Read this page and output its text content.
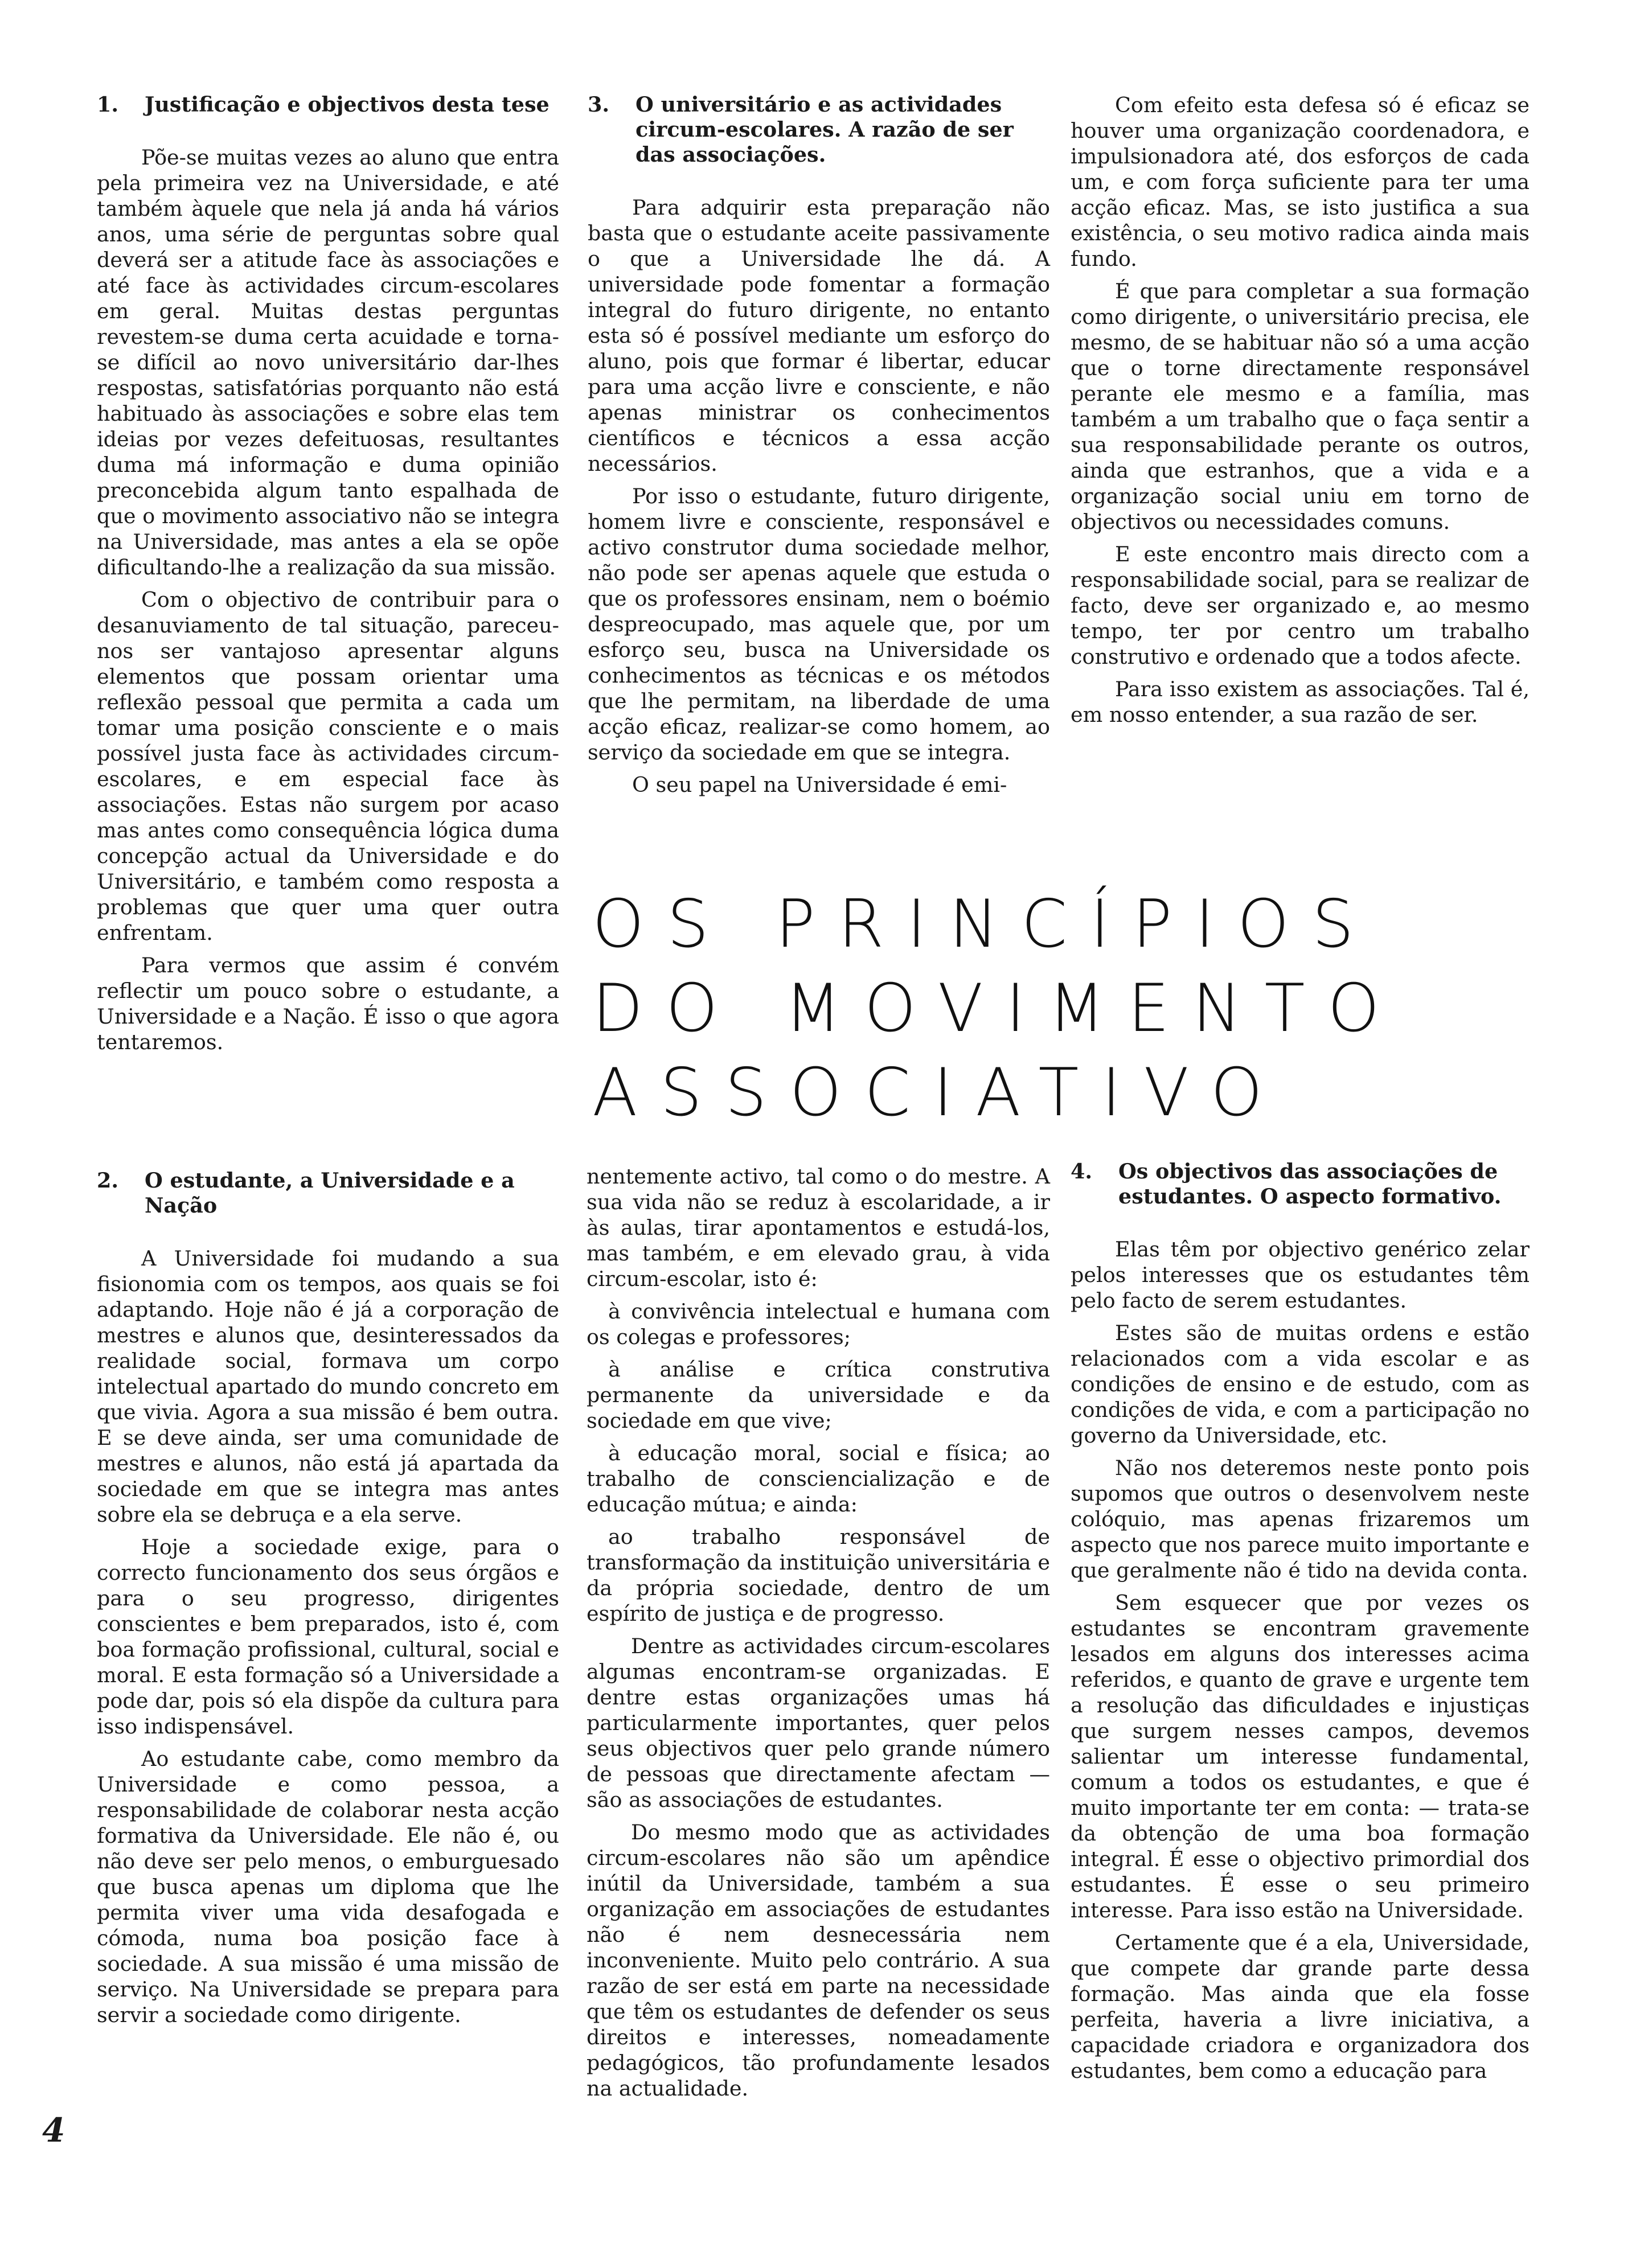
1.	Justificação e objectivos desta tese

Põe-se muitas vezes ao aluno que entra pela primeira vez na Universidade, e até também àquele que nela já anda há vários anos, uma série de perguntas sobre qual deverá ser a atitude face às associações e até face às actividades circum-escolares em geral. Muitas destas perguntas revestem-se duma certa acuidade e torna-se difícil ao novo universitário dar-lhes respostas, satisfatórias porquanto não está habituado às associações e sobre elas tem ideias por vezes defeituosas, resultantes duma má informação e duma opinião preconcebida algum tanto espalhada de que o movimento associativo não se integra na Universidade, mas antes a ela se opõe dificultando-lhe a realização da sua missão.

Com o objectivo de contribuir para o desanuviamento de tal situação, pareceu-nos ser vantajoso apresentar alguns elementos que possam orientar uma reflexão pessoal que permita a cada um tomar uma posição consciente e o mais possível justa face às actividades circum-escolares, e em especial face às associações. Estas não surgem por acaso mas antes como consequência lógica duma concepção actual da Universidade e do Universitário, e também como resposta a problemas que quer uma quer outra enfrentam.

Para vermos que assim é convém reflectir um pouco sobre o estudante, a Universidade e a Nação. É isso o que agora tentaremos.

3.	O universitário e as actividades circum-escolares. A razão de ser das associações.

Para adquirir esta preparação não basta que o estudante aceite passivamente o que a Universidade lhe dá. A universidade pode fomentar a formação integral do futuro dirigente, no entanto esta só é possível mediante um esforço do aluno, pois que formar é libertar, educar para uma acção livre e consciente, e não apenas ministrar os conhecimentos científicos e técnicos a essa acção necessários.

Por isso o estudante, futuro dirigente, homem livre e consciente, responsável e activo construtor duma sociedade melhor, não pode ser apenas aquele que estuda o que os professores ensinam, nem o boémio despreocupado, mas aquele que, por um esforço seu, busca na Universidade os conhecimentos as técnicas e os métodos que lhe permitam, na liberdade de uma acção eficaz, realizar-se como homem, ao serviço da sociedade em que se integra.

O seu papel na Universidade é emi-

Com efeito esta defesa só é eficaz se houver uma organização coordenadora, e impulsionadora até, dos esforços de cada um, e com força suficiente para ter uma acção eficaz. Mas, se isto justifica a sua existência, o seu motivo radica ainda mais fundo.

É que para completar a sua formação como dirigente, o universitário precisa, ele mesmo, de se habituar não só a uma acção que o torne directamente responsável perante ele mesmo e a família, mas também a um trabalho que o faça sentir a sua responsabilidade perante os outros, ainda que estranhos, que a vida e a organização social uniu em torno de objectivos ou necessidades comuns.

E este encontro mais directo com a responsabilidade social, para se realizar de facto, deve ser organizado e, ao mesmo tempo, ter por centro um trabalho construtivo e ordenado que a todos afecte.

Para isso existem as associações. Tal é, em nosso entender, a sua razão de ser.

OS PRINCÍPIOS
DO MOVIMENTO
ASSOCIATIVO
2.	O estudante, a Universidade e a Nação

A Universidade foi mudando a sua fisionomia com os tempos, aos quais se foi adaptando. Hoje não é já a corporação de mestres e alunos que, desinteressados da realidade social, formava um corpo intelectual apartado do mundo concreto em que vivia. Agora a sua missão é bem outra. E se deve ainda, ser uma comunidade de mestres e alunos, não está já apartada da sociedade em que se integra mas antes sobre ela se debruça e a ela serve.

Hoje a sociedade exige, para o correcto funcionamento dos seus órgãos e para o seu progresso, dirigentes conscientes e bem preparados, isto é, com boa formação profissional, cultural, social e moral. E esta formação só a Universidade a pode dar, pois só ela dispõe da cultura para isso indispensável.

Ao estudante cabe, como membro da Universidade e como pessoa, a responsabilidade de colaborar nesta acção formativa da Universidade. Ele não é, ou não deve ser pelo menos, o emburguesado que busca apenas um diploma que lhe permita viver uma vida desafogada e cómoda, numa boa posição face à sociedade. A sua missão é uma missão de serviço. Na Universidade se prepara para servir a sociedade como dirigente.

nentemente activo, tal como o do mestre. A sua vida não se reduz à escolaridade, a ir às aulas, tirar apontamentos e estudá-los, mas também, e em elevado grau, à vida circum-escolar, isto é:

à convivência intelectual e humana com os colegas e professores;

à análise e crítica construtiva permanente da universidade e da sociedade em que vive;

à educação moral, social e física; ao trabalho de consciencialização e de educação mútua; e ainda:

ao trabalho responsável de transformação da instituição universitária e da própria sociedade, dentro de um espírito de justiça e de progresso.

Dentre as actividades circum-escolares algumas encontram-se organizadas. E dentre estas organizações umas há particularmente importantes, quer pelos seus objectivos quer pelo grande número de pessoas que directamente afectam — são as associações de estudantes.

Do mesmo modo que as actividades circum-escolares não são um apêndice inútil da Universidade, também a sua organização em associações de estudantes não é nem desnecessária nem inconveniente. Muito pelo contrário. A sua razão de ser está em parte na necessidade que têm os estudantes de defender os seus direitos e interesses, nomeadamente pedagógicos, tão profundamente lesados na actualidade.

4.	Os objectivos das associações de estudantes. O aspecto formativo.

Elas têm por objectivo genérico zelar pelos interesses que os estudantes têm pelo facto de serem estudantes.

Estes são de muitas ordens e estão relacionados com a vida escolar e as condições de ensino e de estudo, com as condições de vida, e com a participação no governo da Universidade, etc.

Não nos deteremos neste ponto pois supomos que outros o desenvolvem neste colóquio, mas apenas frizaremos um aspecto que nos parece muito importante e que geralmente não é tido na devida conta.

Sem esquecer que por vezes os estudantes se encontram gravemente lesados em alguns dos interesses acima referidos, e quanto de grave e urgente tem a resolução das dificuldades e injustiças que surgem nesses campos, devemos salientar um interesse fundamental, comum a todos os estudantes, e que é muito importante ter em conta: — trata-se da obtenção de uma boa formação integral. É esse o objectivo primordial dos estudantes. É esse o seu primeiro interesse. Para isso estão na Universidade.

Certamente que é a ela, Universidade, que compete dar grande parte dessa formação. Mas ainda que ela fosse perfeita, haveria a livre iniciativa, a capacidade criadora e organizadora dos estudantes, bem como a educação para

4
